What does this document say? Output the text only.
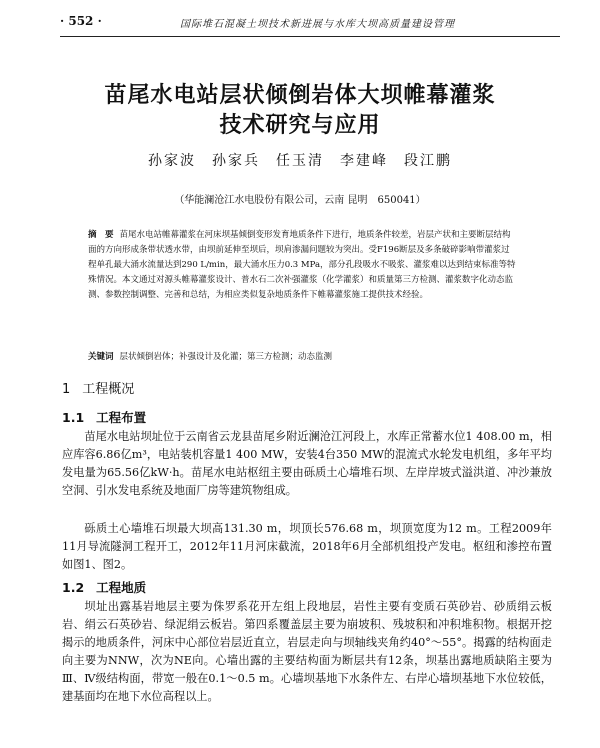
· 552 ·	国际堆石混凝土坝技术新进展与水库大坝高质量建设管理
苗尾水电站层状倾倒岩体大坝帷幕灌浆
技术研究与应用
孙家波　孙家兵　任玉清　李建峰　段江鹏
（华能澜沧江水电股份有限公司，云南 昆明　650041）
摘　要 苗尾水电站帷幕灌浆在河床坝基倾倒变形发育地质条件下进行，地质条件较差，岩层产状和主要断层结构面的方向形成条带状透水带，由坝前延伸至坝后，坝肩渗漏问题较为突出。受F196断层及多条破碎影响带灌浆过程单孔最大涌水流量达到290 L/min，最大涌水压力0.3 MPa，部分孔段吸水不吸浆、灌浆难以达到结束标准等特殊情况。本文通过对源头帷幕灌浆设计、普水石二次补强灌浆（化学灌浆）和质量第三方检测、灌浆数字化动态监测、参数控制调整、完善和总结，为相应类似复杂地质条件下帷幕灌浆施工提供技术经验。
关键词 层状倾倒岩体；补强设计及化灌；第三方检测；动态监测
1 工程概况
1.1 工程布置
苗尾水电站坝址位于云南省云龙县苗尾乡附近澜沧江河段上，水库正常蓄水位1 408.00 m，相应库容6.86亿m³，电站装机容量1 400 MW，安装4台350 MW的混流式水轮发电机组，多年平均发电量为65.56亿kW·h。苗尾水电站枢纽主要由砾质土心墙堆石坝、左岸岸坡式溢洪道、冲沙兼放空洞、引水发电系统及地面厂房等建筑物组成。
砾质土心墙堆石坝最大坝高131.30 m，坝顶长576.68 m，坝顶宽度为12 m。工程2009年11月导流隧洞工程开工，2012年11月河床截流，2018年6月全部机组投产发电。枢纽和渗控布置如图1、图2。
1.2 工程地质
坝址出露基岩地层主要为侏罗系花开左组上段地层，岩性主要有变质石英砂岩、砂质绢云板岩、绢云石英砂岩、绿泥绢云板岩。第四系覆盖层主要为崩坡积、残坡积和冲积堆积物。根据开挖揭示的地质条件，河床中心部位岩层近直立，岩层走向与坝轴线夹角约40°～55°。揭露的结构面走向主要为NNW，次为NE向。心墙出露的主要结构面为断层共有12条，坝基出露地质缺陷主要为Ⅲ、Ⅳ级结构面，带宽一般在0.1～0.5 m。心墙坝基地下水条件左、右岸心墙坝基地下水位较低，建基面均在地下水位高程以上。
